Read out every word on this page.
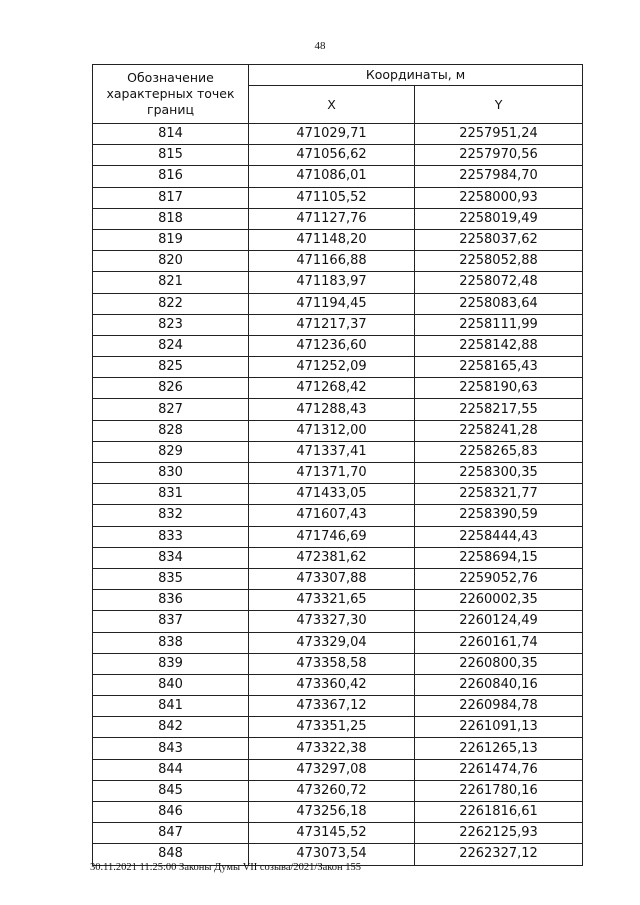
48
Обозначение характерных точек границ	Координаты, м	
	X	Y
814	471029,71	2257951,24
815	471056,62	2257970,56
816	471086,01	2257984,70
817	471105,52	2258000,93
818	471127,76	2258019,49
819	471148,20	2258037,62
820	471166,88	2258052,88
821	471183,97	2258072,48
822	471194,45	2258083,64
823	471217,37	2258111,99
824	471236,60	2258142,88
825	471252,09	2258165,43
826	471268,42	2258190,63
827	471288,43	2258217,55
828	471312,00	2258241,28
829	471337,41	2258265,83
830	471371,70	2258300,35
831	471433,05	2258321,77
832	471607,43	2258390,59
833	471746,69	2258444,43
834	472381,62	2258694,15
835	473307,88	2259052,76
836	473321,65	2260002,35
837	473327,30	2260124,49
838	473329,04	2260161,74
839	473358,58	2260800,35
840	473360,42	2260840,16
841	473367,12	2260984,78
842	473351,25	2261091,13
843	473322,38	2261265,13
844	473297,08	2261474,76
845	473260,72	2261780,16
846	473256,18	2261816,61
847	473145,52	2262125,93
848	473073,54	2262327,12
30.11.2021 11:25:00 Законы Думы VII созыва/2021/Закон 155
